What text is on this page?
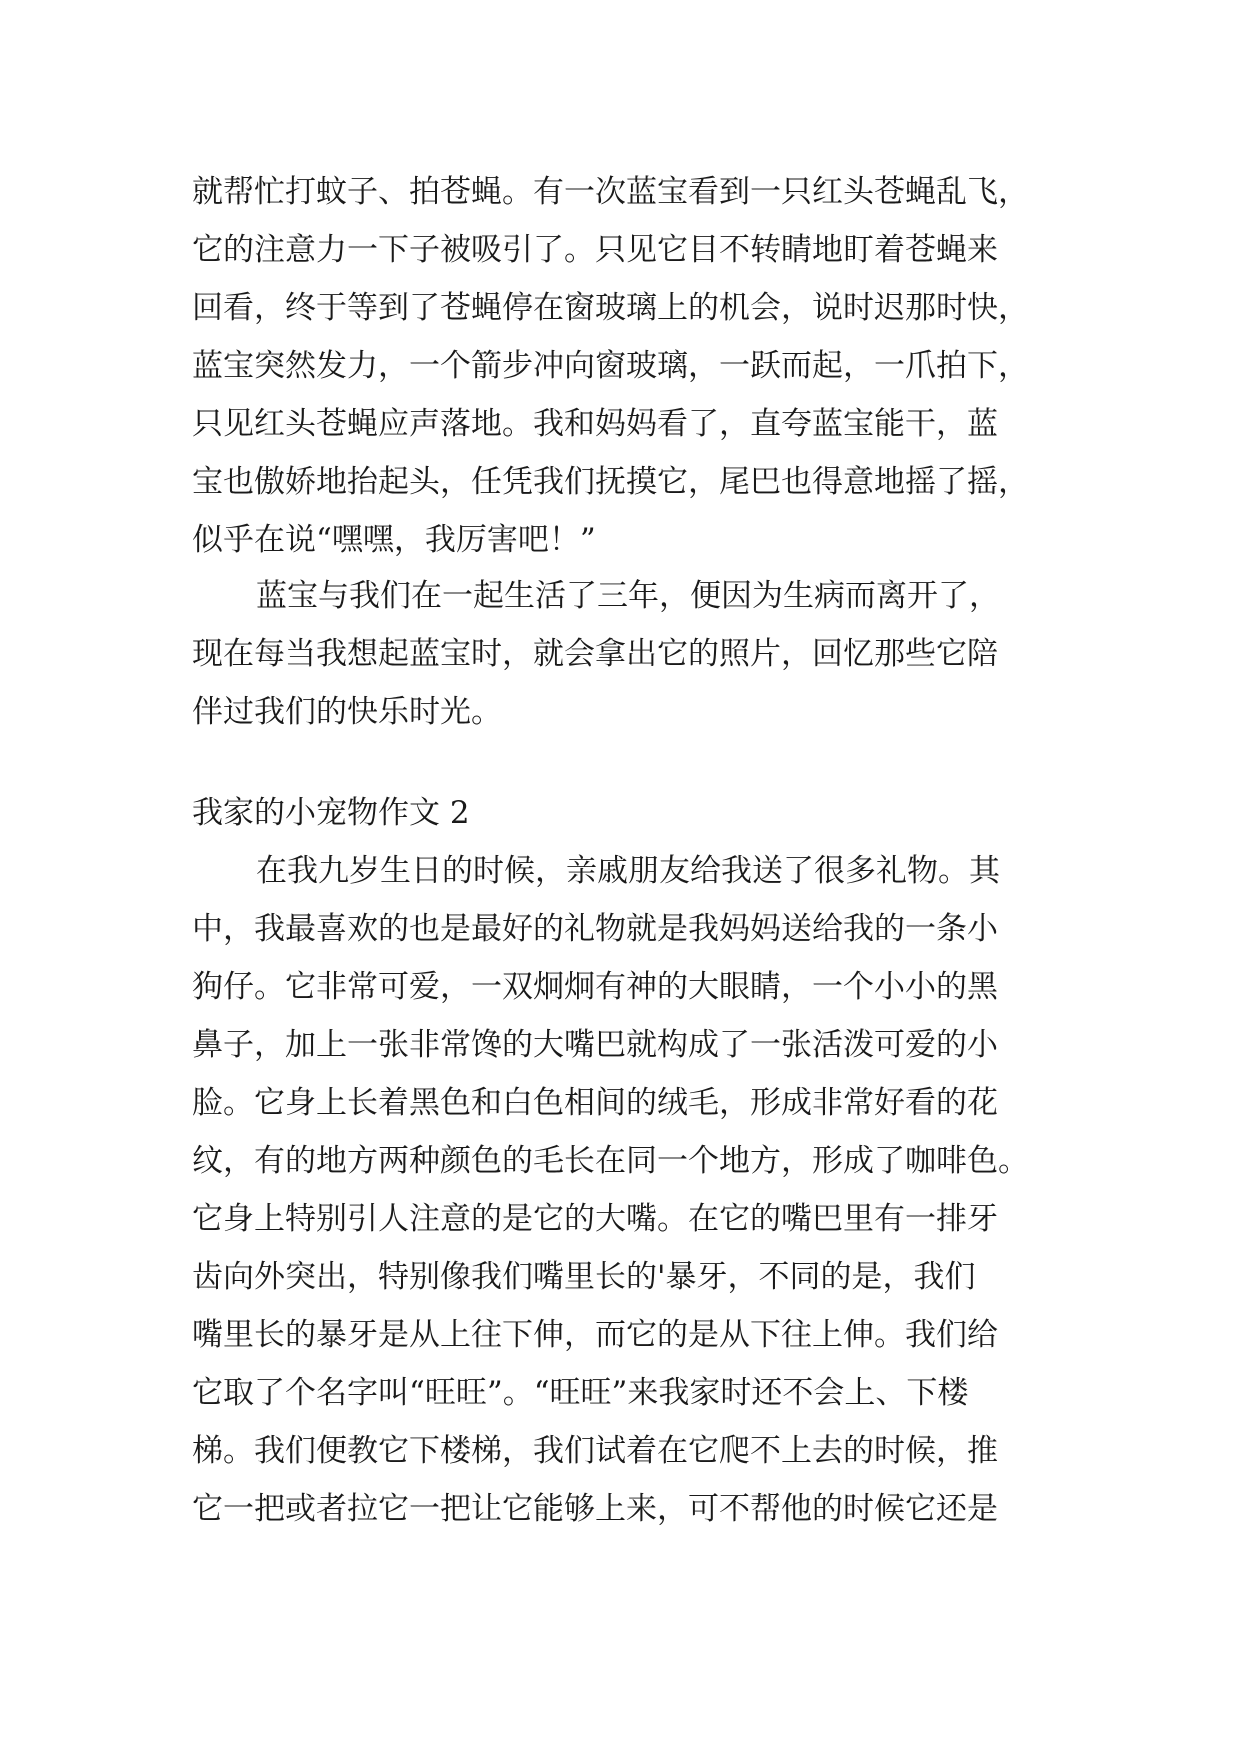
就帮忙打蚊子、拍苍蝇。有一次蓝宝看到一只红头苍蝇乱飞，
它的注意力一下子被吸引了。只见它目不转睛地盯着苍蝇来
回看，终于等到了苍蝇停在窗玻璃上的机会，说时迟那时快，
蓝宝突然发力，一个箭步冲向窗玻璃，一跃而起，一爪拍下，
只见红头苍蝇应声落地。我和妈妈看了，直夸蓝宝能干，蓝
宝也傲娇地抬起头，任凭我们抚摸它，尾巴也得意地摇了摇，
似乎在说“嘿嘿，我厉害吧！”
蓝宝与我们在一起生活了三年，便因为生病而离开了，
现在每当我想起蓝宝时，就会拿出它的照片，回忆那些它陪
伴过我们的快乐时光。
我家的小宠物作文 2
在我九岁生日的时候，亲戚朋友给我送了很多礼物。其
中，我最喜欢的也是最好的礼物就是我妈妈送给我的一条小
狗仔。它非常可爱，一双炯炯有神的大眼睛，一个小小的黑
鼻子，加上一张非常馋的大嘴巴就构成了一张活泼可爱的小
脸。它身上长着黑色和白色相间的绒毛，形成非常好看的花
纹，有的地方两种颜色的毛长在同一个地方，形成了咖啡色。
它身上特别引人注意的是它的大嘴。在它的嘴巴里有一排牙
齿向外突出，特别像我们嘴里长的'暴牙，不同的是，我们
嘴里长的暴牙是从上往下伸，而它的是从下往上伸。我们给
它取了个名字叫“旺旺”。“旺旺”来我家时还不会上、下楼
梯。我们便教它下楼梯，我们试着在它爬不上去的时候，推
它一把或者拉它一把让它能够上来，可不帮他的时候它还是
